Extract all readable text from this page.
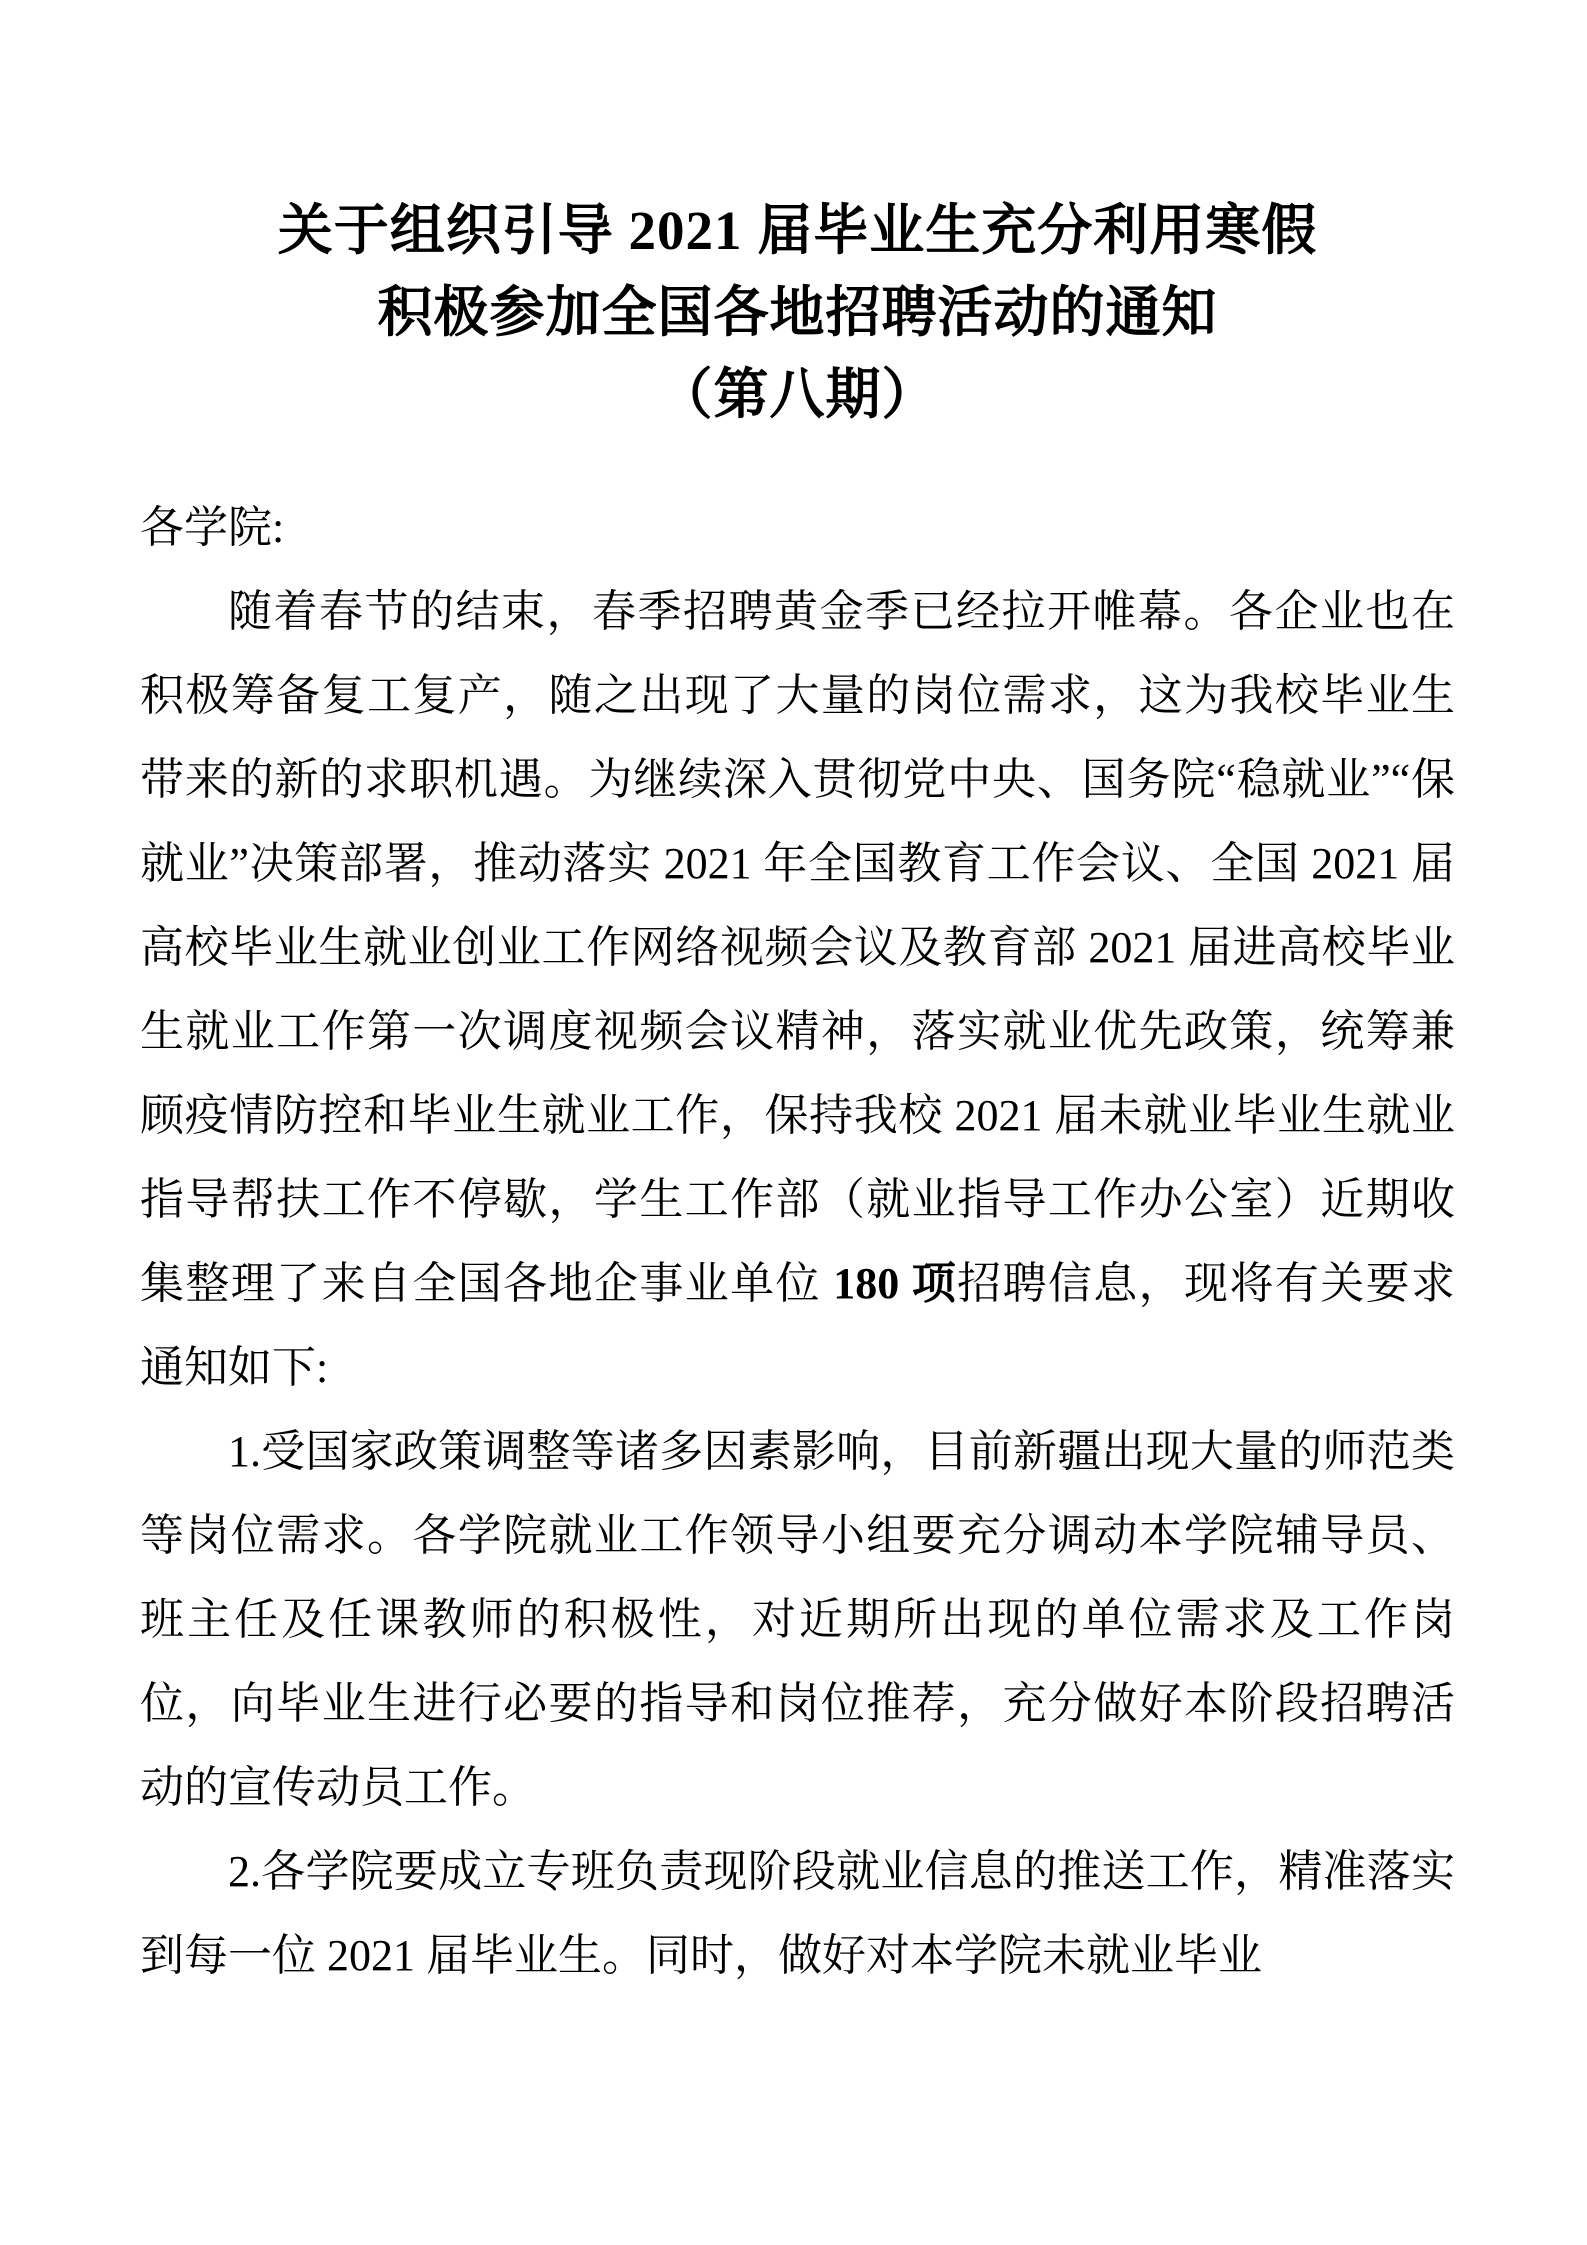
关于组织引导 2021 届毕业生充分利用寒假
积极参加全国各地招聘活动的通知
（第八期）
各学院:

随着春节的结束，春季招聘黄金季已经拉开帷幕。各企业也在积极筹备复工复产，随之出现了大量的岗位需求，这为我校毕业生带来的新的求职机遇。为继续深入贯彻党中央、国务院“稳就业”“保就业”决策部署，推动落实 2021 年全国教育工作会议、全国 2021 届高校毕业生就业创业工作网络视频会议及教育部 2021 届进高校毕业生就业工作第一次调度视频会议精神，落实就业优先政策，统筹兼顾疫情防控和毕业生就业工作，保持我校 2021 届未就业毕业生就业指导帮扶工作不停歇，学生工作部（就业指导工作办公室）近期收集整理了来自全国各地企事业单位 180 项招聘信息，现将有关要求通知如下:

1.受国家政策调整等诸多因素影响，目前新疆出现大量的师范类等岗位需求。各学院就业工作领导小组要充分调动本学院辅导员、班主任及任课教师的积极性，对近期所出现的单位需求及工作岗位，向毕业生进行必要的指导和岗位推荐，充分做好本阶段招聘活动的宣传动员工作。

2.各学院要成立专班负责现阶段就业信息的推送工作，精准落实到每一位 2021 届毕业生。同时，做好对本学院未就业毕业
